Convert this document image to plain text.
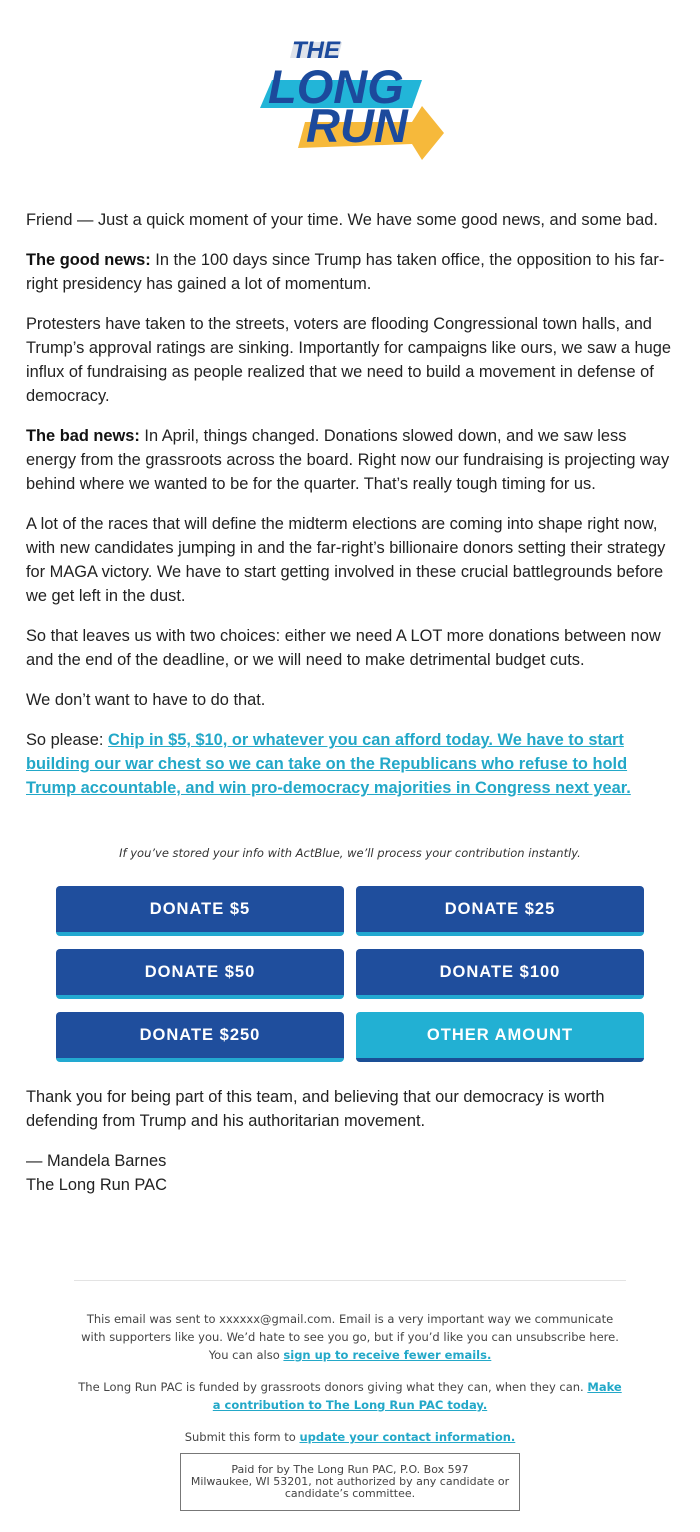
THE
LONG
RUN

Friend — Just a quick moment of your time. We have some good news, and some bad.

The good news: In the 100 days since Trump has taken office, the opposition to his far-right presidency has gained a lot of momentum.

Protesters have taken to the streets, voters are flooding Congressional town halls, and Trump’s approval ratings are sinking. Importantly for campaigns like ours, we saw a huge influx of fundraising as people realized that we need to build a movement in defense of democracy.

The bad news: In April, things changed. Donations slowed down, and we saw less energy from the grassroots across the board. Right now our fundraising is projecting way behind where we wanted to be for the quarter. That’s really tough timing for us.

A lot of the races that will define the midterm elections are coming into shape right now, with new candidates jumping in and the far-right’s billionaire donors setting their strategy for MAGA victory. We have to start getting involved in these crucial battlegrounds before we get left in the dust.

So that leaves us with two choices: either we need A LOT more donations between now and the end of the deadline, or we will need to make detrimental budget cuts.

We don’t want to have to do that.

So please: Chip in $5, $10, or whatever you can afford today. We have to start building our war chest so we can take on the Republicans who refuse to hold Trump accountable, and win pro-democracy majorities in Congress next year.

If you’ve stored your info with ActBlue, we’ll process your contribution instantly.
DONATE $5	DONATE $25
DONATE $50	DONATE $100
DONATE $250	OTHER AMOUNT

Thank you for being part of this team, and believing that our democracy is worth defending from Trump and his authoritarian movement.

— Mandela Barnes
The Long Run PAC

This email was sent to xxxxxx@gmail.com. Email is a very important way we communicate with supporters like you. We’d hate to see you go, but if you’d like you can unsubscribe here. You can also sign up to receive fewer emails.

The Long Run PAC is funded by grassroots donors giving what they can, when they can. Make a contribution to The Long Run PAC today.

Submit this form to update your contact information.

Paid for by The Long Run PAC, P.O. Box 597
Milwaukee, WI 53201, not authorized by any candidate or
candidate’s committee.
